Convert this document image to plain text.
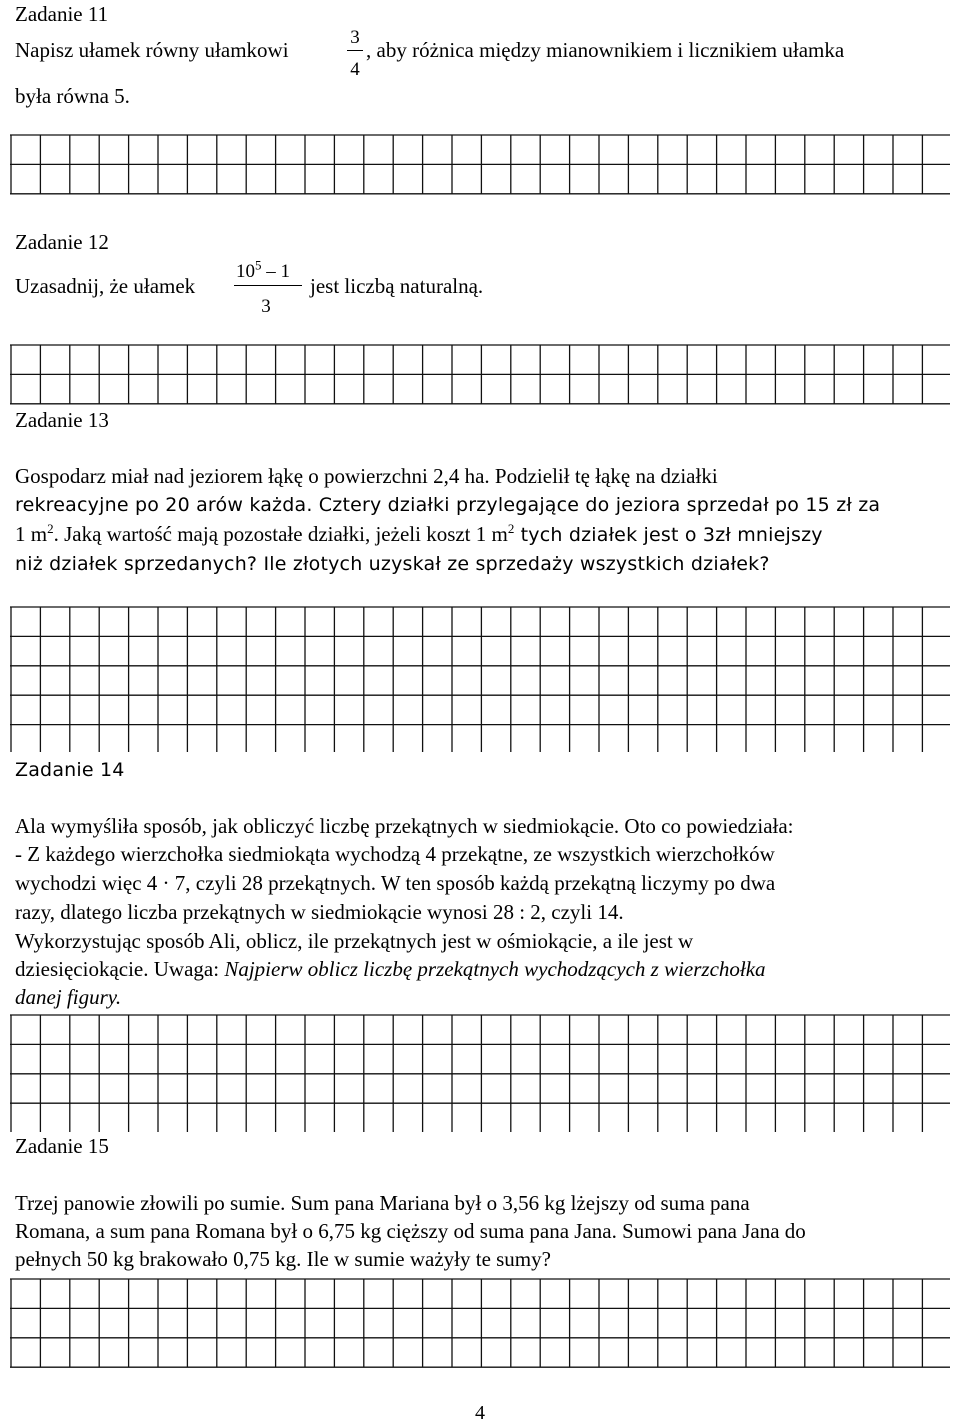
Zadanie 11
Napisz ułamek równy ułamkowi
3
4
, aby różnica między mianownikiem i licznikiem ułamka
była równa 5.
Zadanie 12
Uzasadnij, że ułamek
$10^5 - 1$
3
jest liczbą naturalną.
Zadanie 13
Gospodarz miał nad jeziorem łąkę o powierzchni 2,4 ha. Podzielił tę łąkę na działki
rekreacyjne po 20 arów każda. Cztery działki przylegające do jeziora sprzedał po 15 zł za
1 $m^2$. Jaką wartość mają pozostałe działki, jeżeli koszt 1 $m^2$ tych działek jest o 3zł mniejszy
niż działek sprzedanych? Ile złotych uzyskał ze sprzedaży wszystkich działek?
Zadanie 14
Ala wymyśliła sposób, jak obliczyć liczbę przekątnych w siedmiokącie. Oto co powiedziała:
- Z każdego wierzchołka siedmiokąta wychodzą 4 przekątne, ze wszystkich wierzchołków
wychodzi więc 4 · 7, czyli 28 przekątnych. W ten sposób każdą przekątną liczymy po dwa
razy, dlatego liczba przekątnych w siedmiokącie wynosi 28 : 2, czyli 14.
Wykorzystując sposób Ali, oblicz, ile przekątnych jest w ośmiokącie, a ile jest w
dziesięciokącie. Uwaga: Najpierw oblicz liczbę przekątnych wychodzących z wierzchołka
danej figury.
Zadanie 15
Trzej panowie złowili po sumie. Sum pana Mariana był o 3,56 kg lżejszy od suma pana
Romana, a sum pana Romana był o 6,75 kg cięższy od suma pana Jana. Sumowi pana Jana do
pełnych 50 kg brakowało 0,75 kg. Ile w sumie ważyły te sumy?
4
